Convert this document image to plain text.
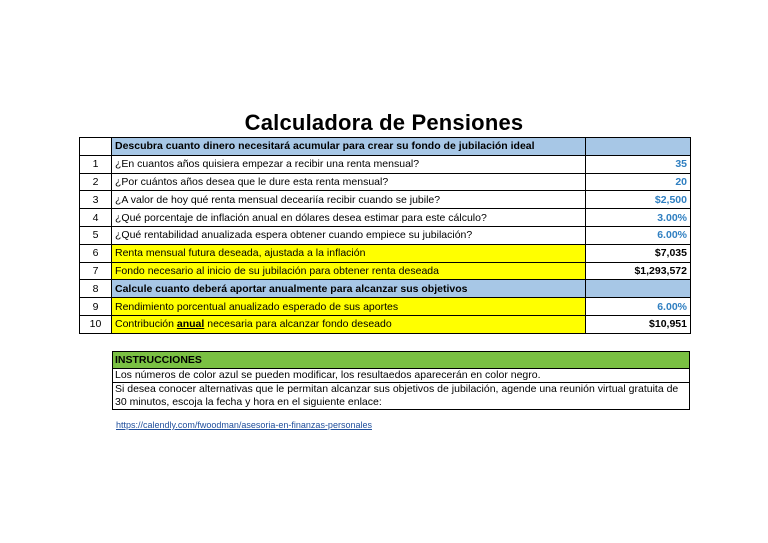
Calculadora de Pensiones
	Descubra cuanto dinero necesitará acumular para crear su fondo de jubilación ideal	
1	¿En cuantos años quisiera empezar a recibir una renta mensual?	35
2	¿Por cuántos años desea que le dure esta renta mensual?	20
3	¿A valor de hoy qué renta mensual deceariía recibir cuando se jubile?	$2,500
4	¿Qué porcentaje de inflación anual en dólares desea estimar para este cálculo?	3.00%
5	¿Qué rentabilidad anualizada espera obtener cuando empiece su jubilación?	6.00%
6	Renta mensual futura deseada, ajustada a la inflación	$7,035
7	Fondo necesario al inicio de su jubilación para obtener renta deseada	$1,293,572
8	Calcule cuanto deberá aportar anualmente para alcanzar sus objetivos	
9	Rendimiento porcentual anualizado esperado de sus aportes	6.00%
10	Contribución anual necesaria para alcanzar fondo deseado	$10,951
INSTRUCCIONES
Los números de color azul se pueden modificar, los resultaedos aparecerán en color negro.
Si desea conocer alternativas que le permitan alcanzar sus objetivos de jubilación, agende una reunión virtual gratuita de 30 minutos, escoja la fecha y hora en el siguiente enlace:
https://calendly.com/fwoodman/asesoria-en-finanzas-personales
